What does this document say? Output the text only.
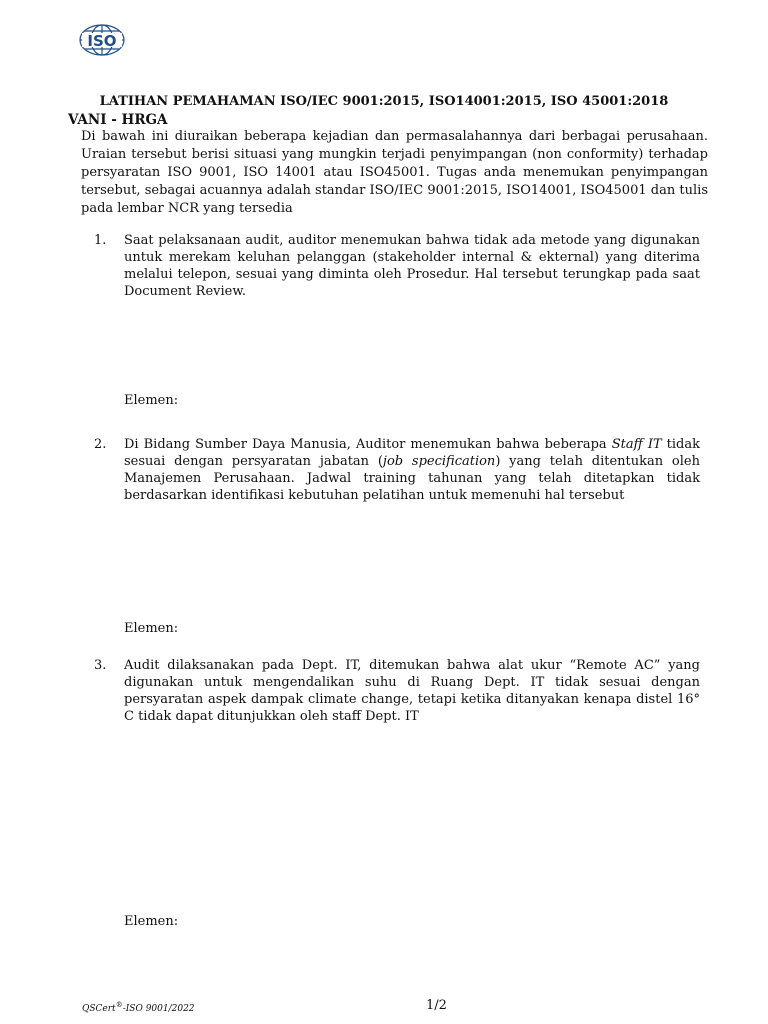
ISO
LATIHAN PEMAHAMAN ISO/IEC 9001:2015, ISO14001:2015, ISO 45001:2018
VANI - HRGA
Di bawah ini diuraikan beberapa kejadian dan permasalahannya dari berbagai perusahaan. Uraian tersebut berisi situasi yang mungkin terjadi penyimpangan (non conformity) terhadap persyaratan ISO 9001, ISO 14001 atau ISO45001. Tugas anda menemukan penyimpangan tersebut, sebagai acuannya adalah standar ISO/IEC 9001:2015, ISO14001, ISO45001 dan tulis pada lembar NCR yang tersedia
1. Saat pelaksanaan audit, auditor menemukan bahwa tidak ada metode yang digunakan untuk merekam keluhan pelanggan (stakeholder internal & ekternal) yang diterima melalui telepon, sesuai yang diminta oleh Prosedur. Hal tersebut terungkap pada saat Document Review.
Elemen:
2. Di Bidang Sumber Daya Manusia, Auditor menemukan bahwa beberapa Staff IT tidak sesuai dengan persyaratan jabatan (job specification) yang telah ditentukan oleh Manajemen Perusahaan. Jadwal training tahunan yang telah ditetapkan tidak berdasarkan identifikasi kebutuhan pelatihan untuk memenuhi hal tersebut
Elemen:
3. Audit dilaksanakan pada Dept. IT, ditemukan bahwa alat ukur “Remote AC” yang digunakan untuk mengendalikan suhu di Ruang Dept. IT tidak sesuai dengan persyaratan aspek dampak climate change, tetapi ketika ditanyakan kenapa distel 16° C tidak dapat ditunjukkan oleh staff Dept. IT
Elemen:
QSCert®-ISO 9001/2022	1/2
